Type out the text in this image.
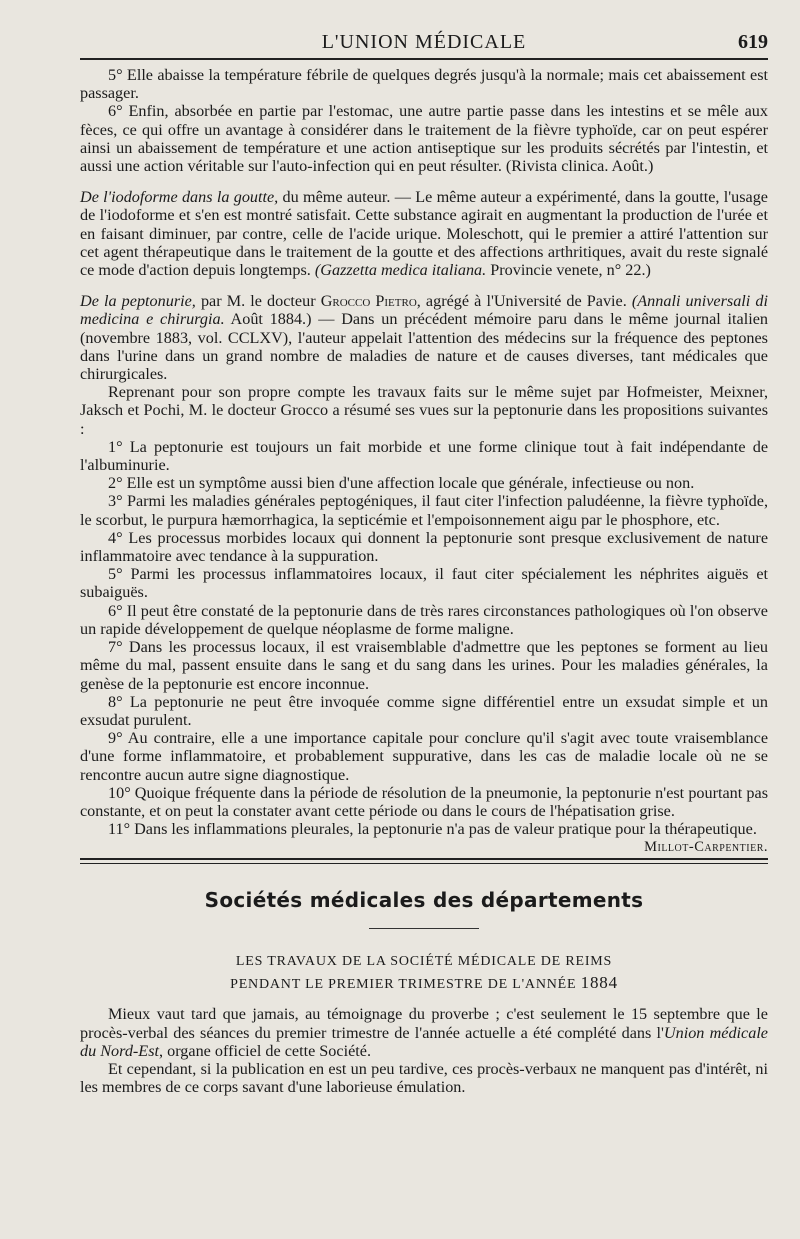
L'UNION MÉDICALE	619

5° Elle abaisse la température fébrile de quelques degrés jusqu'à la normale; mais cet abaissement est passager.

6° Enfin, absorbée en partie par l'estomac, une autre partie passe dans les intestins et se mêle aux fèces, ce qui offre un avantage à considérer dans le traitement de la fièvre typhoïde, car on peut espérer ainsi un abaissement de température et une action antiseptique sur les produits sécrétés par l'intestin, et aussi une action véritable sur l'auto-infection qui en peut résulter. (Rivista clinica. Août.)

De l'iodoforme dans la goutte, du même auteur. — Le même auteur a expérimenté, dans la goutte, l'usage de l'iodoforme et s'en est montré satisfait. Cette substance agirait en augmentant la production de l'urée et en faisant diminuer, par contre, celle de l'acide urique. Moleschott, qui le premier a attiré l'attention sur cet agent thérapeutique dans le traitement de la goutte et des affections arthritiques, avait du reste signalé ce mode d'action depuis longtemps. (Gazzetta medica italiana. Provincie venete, n° 22.)

De la peptonurie, par M. le docteur Grocco Pietro, agrégé à l'Université de Pavie. (Annali universali di medicina e chirurgia. Août 1884.) — Dans un précédent mémoire paru dans le même journal italien (novembre 1883, vol. CCLXV), l'auteur appelait l'attention des médecins sur la fréquence des peptones dans l'urine dans un grand nombre de maladies de nature et de causes diverses, tant médicales que chirurgicales.

Reprenant pour son propre compte les travaux faits sur le même sujet par Hofmeister, Meixner, Jaksch et Pochi, M. le docteur Grocco a résumé ses vues sur la peptonurie dans les propositions suivantes :

1° La peptonurie est toujours un fait morbide et une forme clinique tout à fait indépendante de l'albuminurie.

2° Elle est un symptôme aussi bien d'une affection locale que générale, infectieuse ou non.

3° Parmi les maladies générales peptogéniques, il faut citer l'infection paludéenne, la fièvre typhoïde, le scorbut, le purpura hæmorrhagica, la septicémie et l'empoisonnement aigu par le phosphore, etc.

4° Les processus morbides locaux qui donnent la peptonurie sont presque exclusivement de nature inflammatoire avec tendance à la suppuration.

5° Parmi les processus inflammatoires locaux, il faut citer spécialement les néphrites aiguës et subaiguës.

6° Il peut être constaté de la peptonurie dans de très rares circonstances pathologiques où l'on observe un rapide développement de quelque néoplasme de forme maligne.

7° Dans les processus locaux, il est vraisemblable d'admettre que les peptones se forment au lieu même du mal, passent ensuite dans le sang et du sang dans les urines. Pour les maladies générales, la genèse de la peptonurie est encore inconnue.

8° La peptonurie ne peut être invoquée comme signe différentiel entre un exsudat simple et un exsudat purulent.

9° Au contraire, elle a une importance capitale pour conclure qu'il s'agit avec toute vraisemblance d'une forme inflammatoire, et probablement suppurative, dans les cas de maladie locale où ne se rencontre aucun autre signe diagnostique.

10° Quoique fréquente dans la période de résolution de la pneumonie, la peptonurie n'est pourtant pas constante, et on peut la constater avant cette période ou dans le cours de l'hépatisation grise.

11° Dans les inflammations pleurales, la peptonurie n'a pas de valeur pratique pour la thérapeutique.
Millot-Carpentier.

Sociétés médicales des départements
LES TRAVAUX DE LA SOCIÉTÉ MÉDICALE DE REIMS
PENDANT LE PREMIER TRIMESTRE DE L'ANNÉE 1884

Mieux vaut tard que jamais, au témoignage du proverbe ; c'est seulement le 15 septembre que le procès-verbal des séances du premier trimestre de l'année actuelle a été complété dans l'Union médicale du Nord-Est, organe officiel de cette Société.

Et cependant, si la publication en est un peu tardive, ces procès-verbaux ne manquent pas d'intérêt, ni les membres de ce corps savant d'une laborieuse émulation.
